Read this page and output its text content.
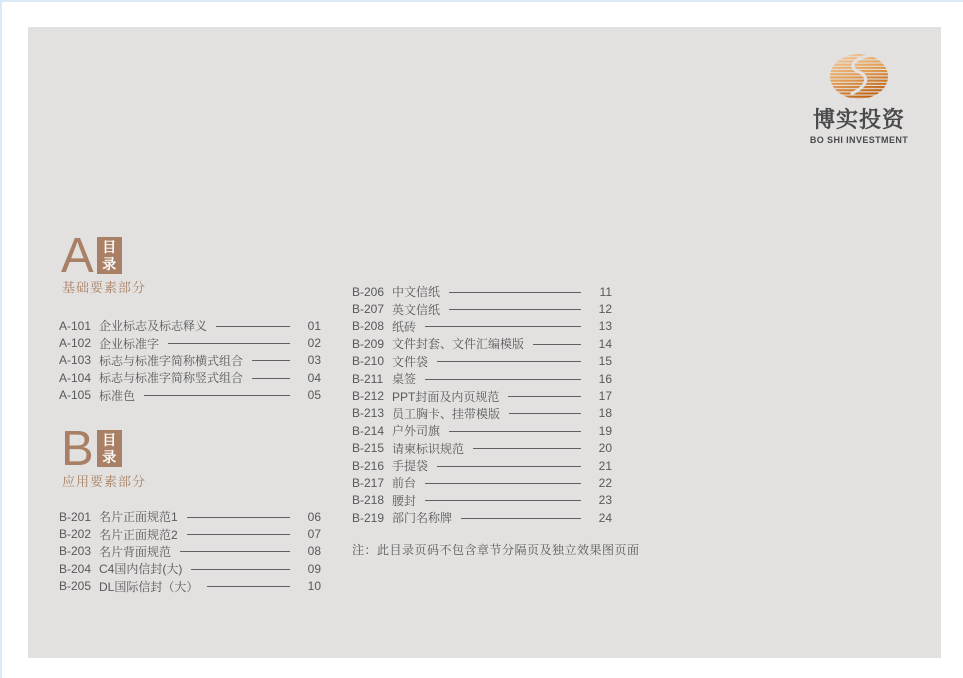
博实投资
BO SHI INVESTMENT
A 目
录
基础要素部分
A-101 企业标志及标志释义	01
A-102 企业标准字	02
A-103 标志与标准字简称横式组合	03
A-104 标志与标准字简称竖式组合	04
A-105 标准色	05
B 目
录
应用要素部分
B-201 名片正面规范1	06
B-202 名片正面规范2	07
B-203 名片背面规范	08
B-204 C4国内信封(大)	09
B-205 DL国际信封（大）	10
B-206 中文信纸	11
B-207 英文信纸	12
B-208 纸砖	13
B-209 文件封套、文件汇编模版	14
B-210 文件袋	15
B-211 桌签	16
B-212 PPT封面及内页规范	17
B-213 员工胸卡、挂带模版	18
B-214 户外司旗	19
B-215 请柬标识规范	20
B-216 手提袋	21
B-217 前台	22
B-218 腰封	23
B-219 部门名称牌	24
注：此目录页码不包含章节分隔页及独立效果图页面
